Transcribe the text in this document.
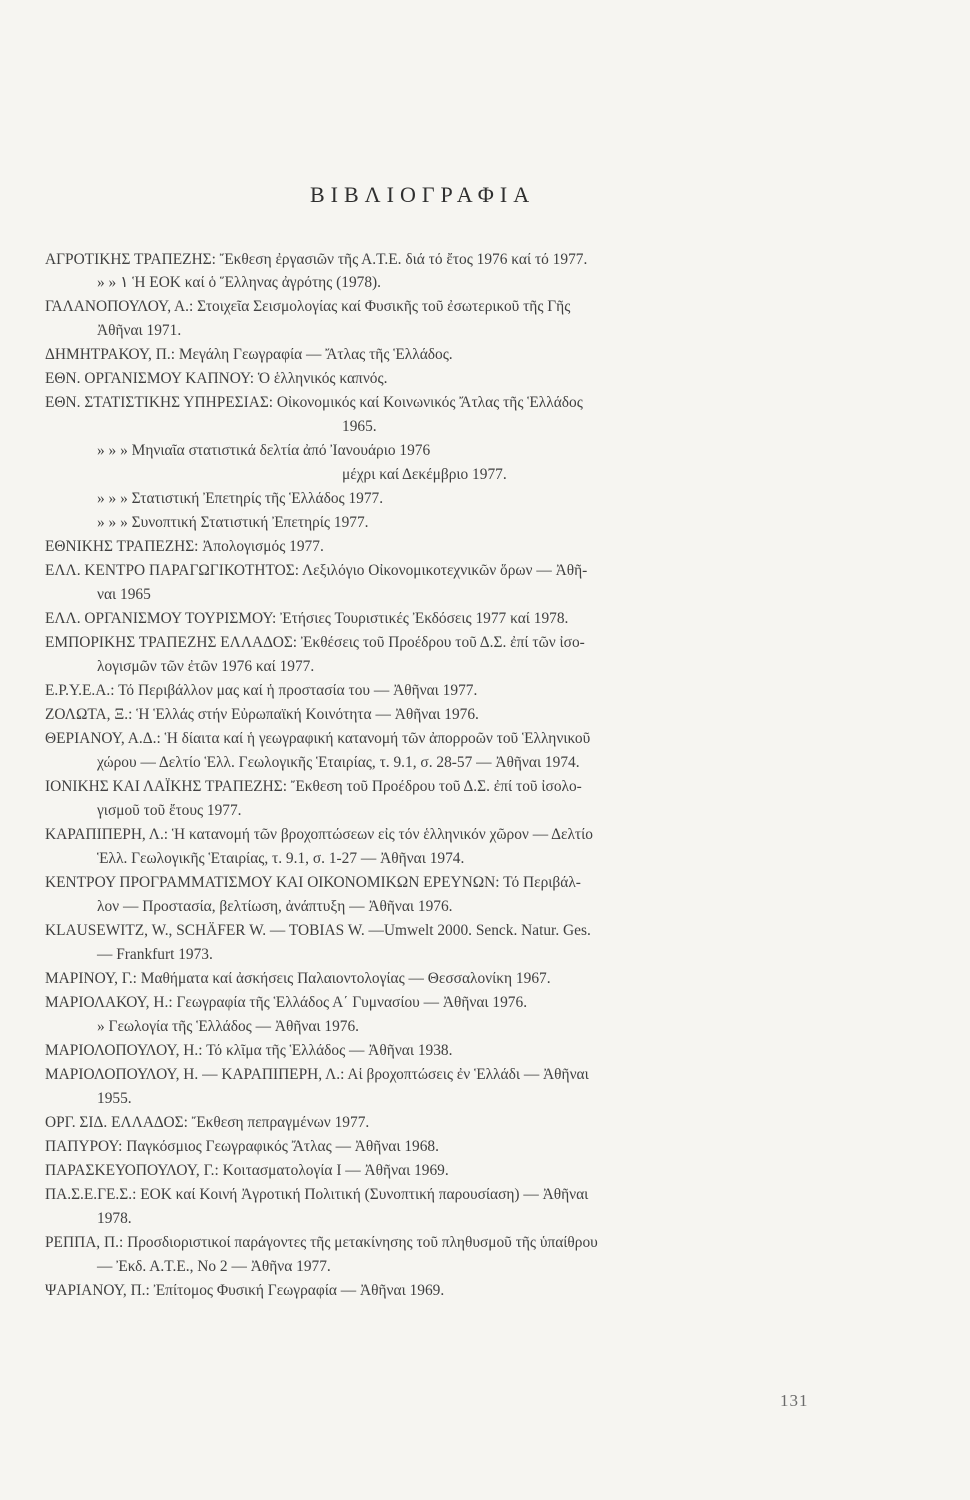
ΒΙΒΛΙΟΓΡΑΦΙΑ
ΑΓΡΟΤΙΚΗΣ ΤΡΑΠΕΖΗΣ: Ἔκθεση ἐργασιῶν τῆς Α.Τ.Ε. διά τό ἔτος 1976 καί τό 1977.
» » ١ Ἡ ΕΟΚ καί ὁ Ἕλληνας ἀγρότης (1978).
ΓΑΛΑΝΟΠΟΥΛΟΥ, Α.: Στοιχεῖα Σεισμολογίας καί Φυσικῆς τοῦ ἐσωτερικοῦ τῆς Γῆς
Ἀθῆναι 1971.
ΔΗΜΗΤΡΑΚΟΥ, Π.: Μεγάλη Γεωγραφία — Ἄτλας τῆς Ἑλλάδος.
ΕΘΝ. ΟΡΓΑΝΙΣΜΟΥ ΚΑΠΝΟΥ: Ὁ ἑλληνικός καπνός.
ΕΘΝ. ΣΤΑΤΙΣΤΙΚΗΣ ΥΠΗΡΕΣΙΑΣ: Οἰκονομικός καί Κοινωνικός Ἄτλας τῆς Ἑλλάδος
1965.
» » » Μηνιαῖα στατιστικά δελτία ἀπό Ἰανουάριο 1976
μέχρι καί Δεκέμβριο 1977.
» » » Στατιστική Ἐπετηρίς τῆς Ἑλλάδος 1977.
» » » Συνοπτική Στατιστική Ἐπετηρίς 1977.
ΕΘΝΙΚΗΣ ΤΡΑΠΕΖΗΣ: Ἀπολογισμός 1977.
ΕΛΛ. ΚΕΝΤΡΟ ΠΑΡΑΓΩΓΙΚΟΤΗΤΟΣ: Λεξιλόγιο Οἰκονομικοτεχνικῶν ὅρων — Ἀθῆ-
ναι 1965
ΕΛΛ. ΟΡΓΑΝΙΣΜΟΥ ΤΟΥΡΙΣΜΟΥ: Ἐτήσιες Τουριστικές Ἐκδόσεις 1977 καί 1978.
ΕΜΠΟΡΙΚΗΣ ΤΡΑΠΕΖΗΣ ΕΛΛΑΔΟΣ: Ἐκθέσεις τοῦ Προέδρου τοῦ Δ.Σ. ἐπί τῶν ἰσο-
λογισμῶν τῶν ἐτῶν 1976 καί 1977.
Ε.Ρ.Υ.Ε.Α.: Τό Περιβάλλον μας καί ἡ προστασία του — Ἀθῆναι 1977.
ΖΟΛΩΤΑ, Ξ.: Ἡ Ἑλλάς στήν Εὐρωπαϊκή Κοινότητα — Ἀθῆναι 1976.
ΘΕΡΙΑΝΟΥ, Α.Δ.: Ἡ δίαιτα καί ἡ γεωγραφική κατανομή τῶν ἀπορροῶν τοῦ Ἑλληνικοῦ
χώρου — Δελτίο Ἑλλ. Γεωλογικῆς Ἑταιρίας, τ. 9.1, σ. 28-57 — Ἀθῆναι 1974.
ΙΟΝΙΚΗΣ ΚΑΙ ΛΑΪΚΗΣ ΤΡΑΠΕΖΗΣ: Ἔκθεση τοῦ Προέδρου τοῦ Δ.Σ. ἐπί τοῦ ἰσολο-
γισμοῦ τοῦ ἔτους 1977.
ΚΑΡΑΠΙΠΕΡΗ, Λ.: Ἡ κατανομή τῶν βροχοπτώσεων εἰς τόν ἑλληνικόν χῶρον — Δελτίο
Ἑλλ. Γεωλογικῆς Ἑταιρίας, τ. 9.1, σ. 1-27 — Ἀθῆναι 1974.
ΚΕΝΤΡΟΥ ΠΡΟΓΡΑΜΜΑΤΙΣΜΟΥ ΚΑΙ ΟΙΚΟΝΟΜΙΚΩΝ ΕΡΕΥΝΩΝ: Τό Περιβάλ-
λον — Προστασία, βελτίωση, ἀνάπτυξη — Ἀθῆναι 1976.
KLAUSEWITZ, W., SCHÄFER W. — TOBIAS W. —Umwelt 2000. Senck. Natur. Ges.
— Frankfurt 1973.
ΜΑΡΙΝΟΥ, Γ.: Μαθήματα καί ἀσκήσεις Παλαιοντολογίας — Θεσσαλονίκη 1967.
ΜΑΡΙΟΛΑΚΟΥ, Η.: Γεωγραφία τῆς Ἑλλάδος Α΄ Γυμνασίου — Ἀθῆναι 1976.
» Γεωλογία τῆς Ἑλλάδος — Ἀθῆναι 1976.
ΜΑΡΙΟΛΟΠΟΥΛΟΥ, Η.: Τό κλῖμα τῆς Ἑλλάδος — Ἀθῆναι 1938.
ΜΑΡΙΟΛΟΠΟΥΛΟΥ, Η. — ΚΑΡΑΠΙΠΕΡΗ, Λ.: Αἱ βροχοπτώσεις ἐν Ἑλλάδι — Ἀθῆναι
1955.
ΟΡΓ. ΣΙΔ. ΕΛΛΑΔΟΣ: Ἔκθεση πεπραγμένων 1977.
ΠΑΠΥΡΟΥ: Παγκόσμιος Γεωγραφικός Ἄτλας — Ἀθῆναι 1968.
ΠΑΡΑΣΚΕΥΟΠΟΥΛΟΥ, Γ.: Κοιτασματολογία Ι — Ἀθῆναι 1969.
ΠΑ.Σ.Ε.ΓΕ.Σ.: ΕΟΚ καί Κοινή Ἀγροτική Πολιτική (Συνοπτική παρουσίαση) — Ἀθῆναι
1978.
ΡΕΠΠΑ, Π.: Προσδιοριστικοί παράγοντες τῆς μετακίνησης τοῦ πληθυσμοῦ τῆς ὑπαίθρου
— Ἐκδ. Α.Τ.Ε., Νο 2 — Ἀθῆνα 1977.
ΨΑΡΙΑΝΟΥ, Π.: Ἐπίτομος Φυσική Γεωγραφία — Ἀθῆναι 1969.
131
